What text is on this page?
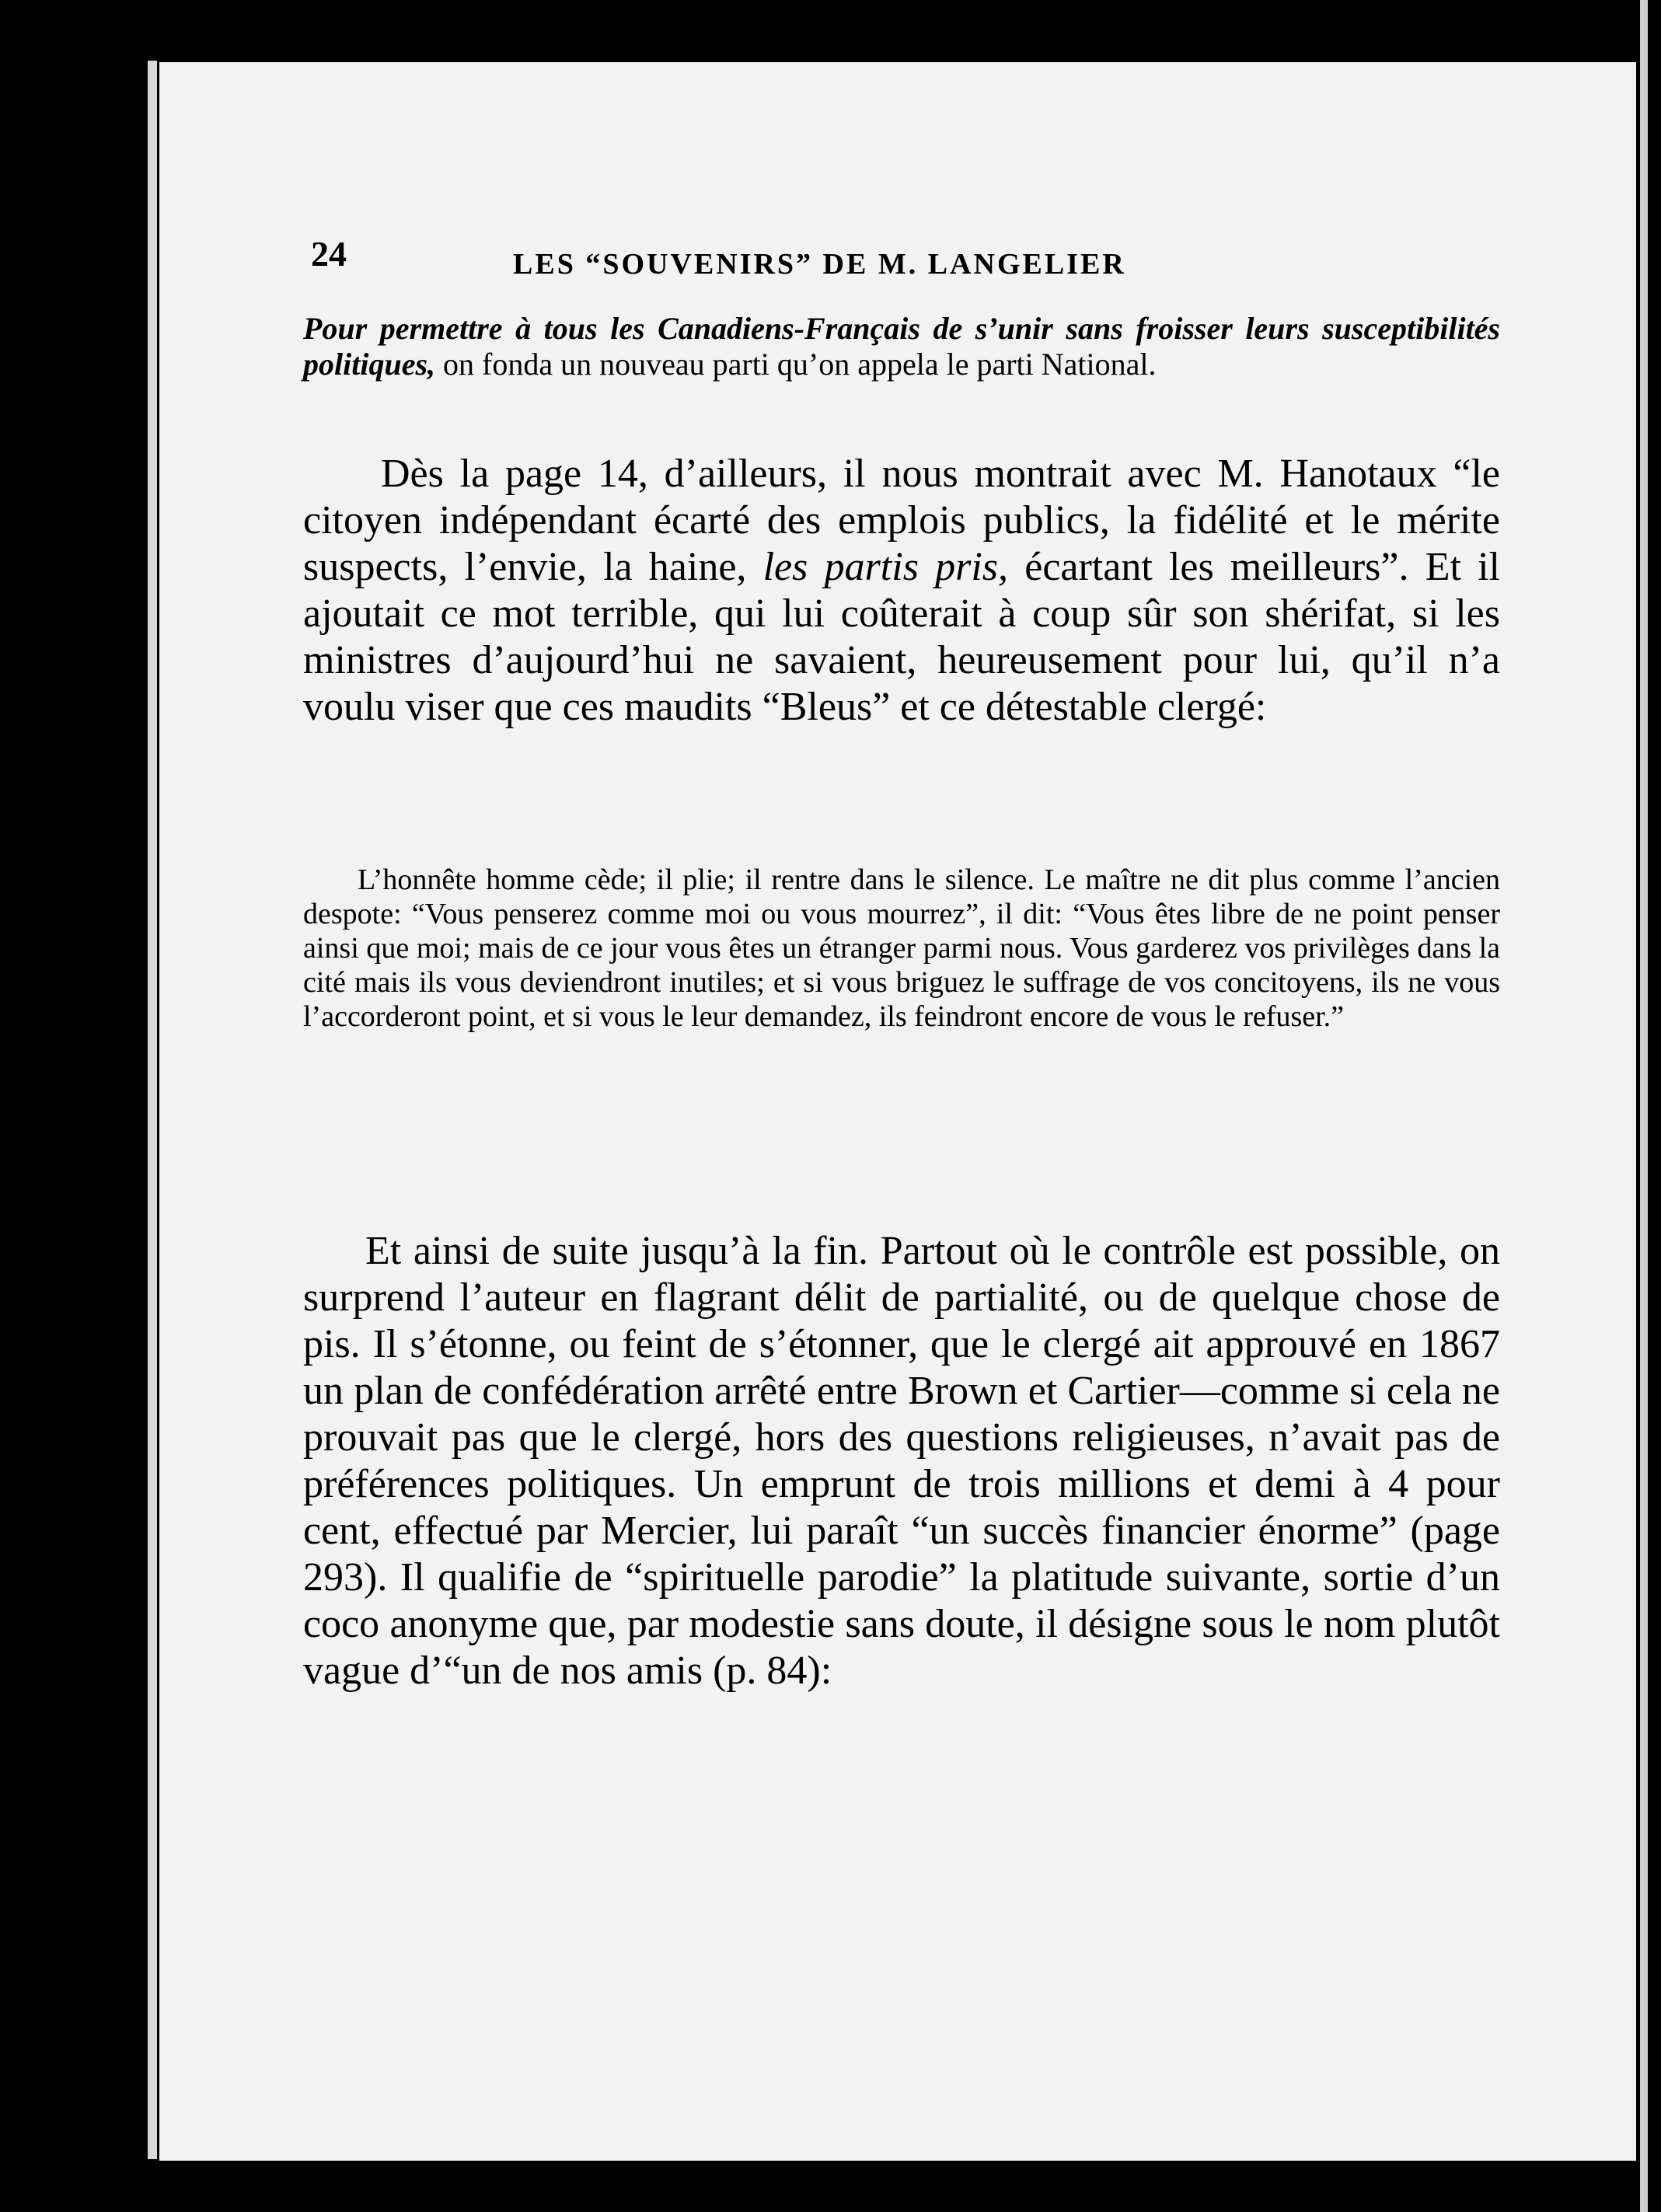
24	LES “SOUVENIRS” DE M. LANGELIER
Pour permettre à tous les Canadiens-Français de s’unir sans froisser leurs susceptibilités politiques, on fonda un nouveau parti qu’on appela le parti National.
Dès la page 14, d’ailleurs, il nous montrait avec M. Hanotaux “le citoyen indépendant écarté des emplois publics, la fidélité et le mérite suspects, l’envie, la haine, les partis pris, écartant les meilleurs”. Et il ajoutait ce mot terrible, qui lui coûterait à coup sûr son shérifat, si les ministres d’aujourd’hui ne savaient, heureusement pour lui, qu’il n’a voulu viser que ces maudits “Bleus” et ce détestable clergé:
L’honnête homme cède; il plie; il rentre dans le silence. Le maître ne dit plus comme l’ancien despote: “Vous penserez comme moi ou vous mourrez”, il dit: “Vous êtes libre de ne point penser ainsi que moi; mais de ce jour vous êtes un étranger parmi nous. Vous garderez vos privilèges dans la cité mais ils vous deviendront inutiles; et si vous briguez le suffrage de vos concitoyens, ils ne vous l’accorderont point, et si vous le leur demandez, ils feindront encore de vous le refuser.”
Et ainsi de suite jusqu’à la fin. Partout où le contrôle est possible, on surprend l’auteur en flagrant délit de partialité, ou de quelque chose de pis. Il s’étonne, ou feint de s’étonner, que le clergé ait approuvé en 1867 un plan de confédération arrêté entre Brown et Cartier—comme si cela ne prouvait pas que le clergé, hors des questions religieuses, n’avait pas de préférences politiques. Un emprunt de trois millions et demi à 4 pour cent, effectué par Mercier, lui paraît “un succès financier énorme” (page 293). Il qualifie de “spirituelle parodie” la platitude suivante, sortie d’un coco anonyme que, par modestie sans doute, il désigne sous le nom plutôt vague d’“un de nos amis (p. 84):
